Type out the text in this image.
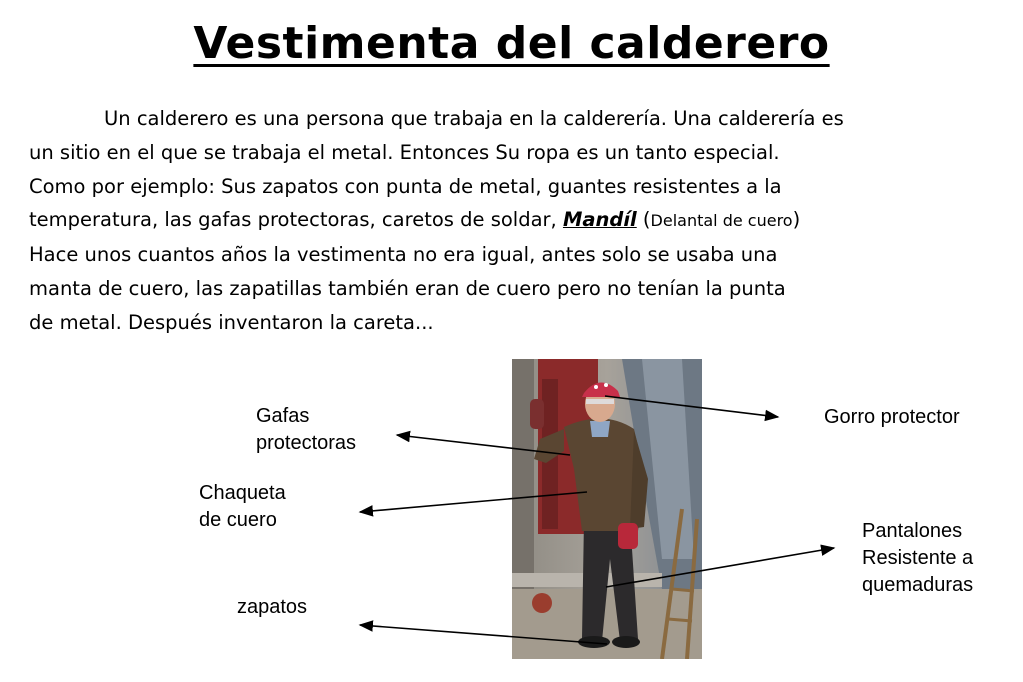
Vestimenta del calderero
Un calderero es una persona que trabaja en la calderería. Una calderería es
un sitio en el que se trabaja el metal. Entonces Su ropa es un tanto especial.
Como por ejemplo: Sus zapatos con punta de metal, guantes resistentes a la
temperatura, las gafas protectoras, caretos de soldar, Mandíl (Delantal de cuero)
Hace unos cuantos años la vestimenta no era igual, antes solo se usaba una
manta de cuero, las zapatillas también eran de cuero pero no tenían la punta
de metal. Después inventaron la careta...
Gafas
protectoras
Chaqueta
de cuero
zapatos
Gorro protector
Pantalones
Resistente a
quemaduras
